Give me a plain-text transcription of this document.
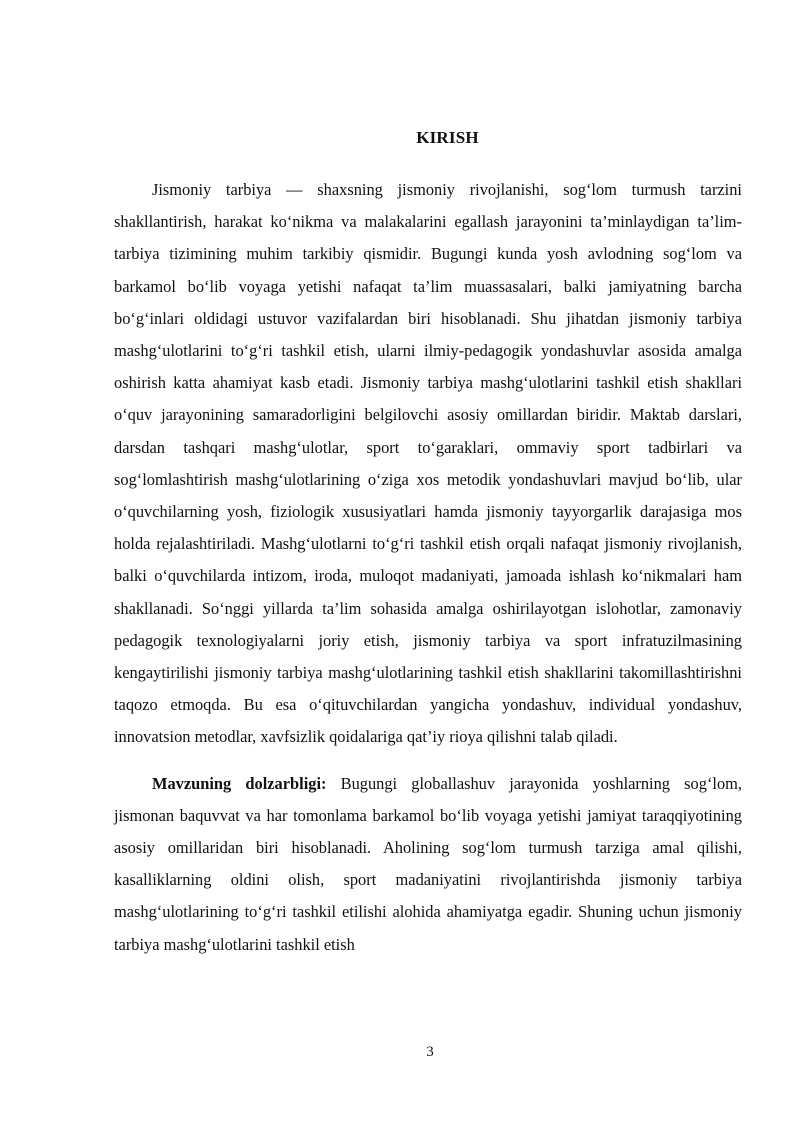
KIRISH

Jismoniy tarbiya — shaxsning jismoniy rivojlanishi, sog‘lom turmush tarzini shakllantirish, harakat ko‘nikma va malakalarini egallash jarayonini ta’minlaydigan ta’lim-tarbiya tizimining muhim tarkibiy qismidir. Bugungi kunda yosh avlodning sog‘lom va barkamol bo‘lib voyaga yetishi nafaqat ta’lim muassasalari, balki jamiyatning barcha bo‘g‘inlari oldidagi ustuvor vazifalardan biri hisoblanadi. Shu jihatdan jismoniy tarbiya mashg‘ulotlarini to‘g‘ri tashkil etish, ularni ilmiy-pedagogik yondashuvlar asosida amalga oshirish katta ahamiyat kasb etadi. Jismoniy tarbiya mashg‘ulotlarini tashkil etish shakllari o‘quv jarayonining samaradorligini belgilovchi asosiy omillardan biridir. Maktab darslari, darsdan tashqari mashg‘ulotlar, sport to‘garaklari, ommaviy sport tadbirlari va sog‘lomlashtirish mashg‘ulotlarining o‘ziga xos metodik yondashuvlari mavjud bo‘lib, ular o‘quvchilarning yosh, fiziologik xususiyatlari hamda jismoniy tayyorgarlik darajasiga mos holda rejalashtiriladi. Mashg‘ulotlarni to‘g‘ri tashkil etish orqali nafaqat jismoniy rivojlanish, balki o‘quvchilarda intizom, iroda, muloqot madaniyati, jamoada ishlash ko‘nikmalari ham shakllanadi. So‘nggi yillarda ta’lim sohasida amalga oshirilayotgan islohotlar, zamonaviy pedagogik texnologiyalarni joriy etish, jismoniy tarbiya va sport infratuzilmasining kengaytirilishi jismoniy tarbiya mashg‘ulotlarining tashkil etish shakllarini takomillashtirishni taqozo etmoqda. Bu esa o‘qituvchilardan yangicha yondashuv, individual yondashuv, innovatsion metodlar, xavfsizlik qoidalariga qat’iy rioya qilishni talab qiladi.

Mavzuning dolzarbligi: Bugungi globallashuv jarayonida yoshlarning sog‘lom, jismonan baquvvat va har tomonlama barkamol bo‘lib voyaga yetishi jamiyat taraqqiyotining asosiy omillaridan biri hisoblanadi. Aholining sog‘lom turmush tarziga amal qilishi, kasalliklarning oldini olish, sport madaniyatini rivojlantirishda jismoniy tarbiya mashg‘ulotlarining to‘g‘ri tashkil etilishi alohida ahamiyatga egadir. Shuning uchun jismoniy tarbiya mashg‘ulotlarini tashkil etish

3
